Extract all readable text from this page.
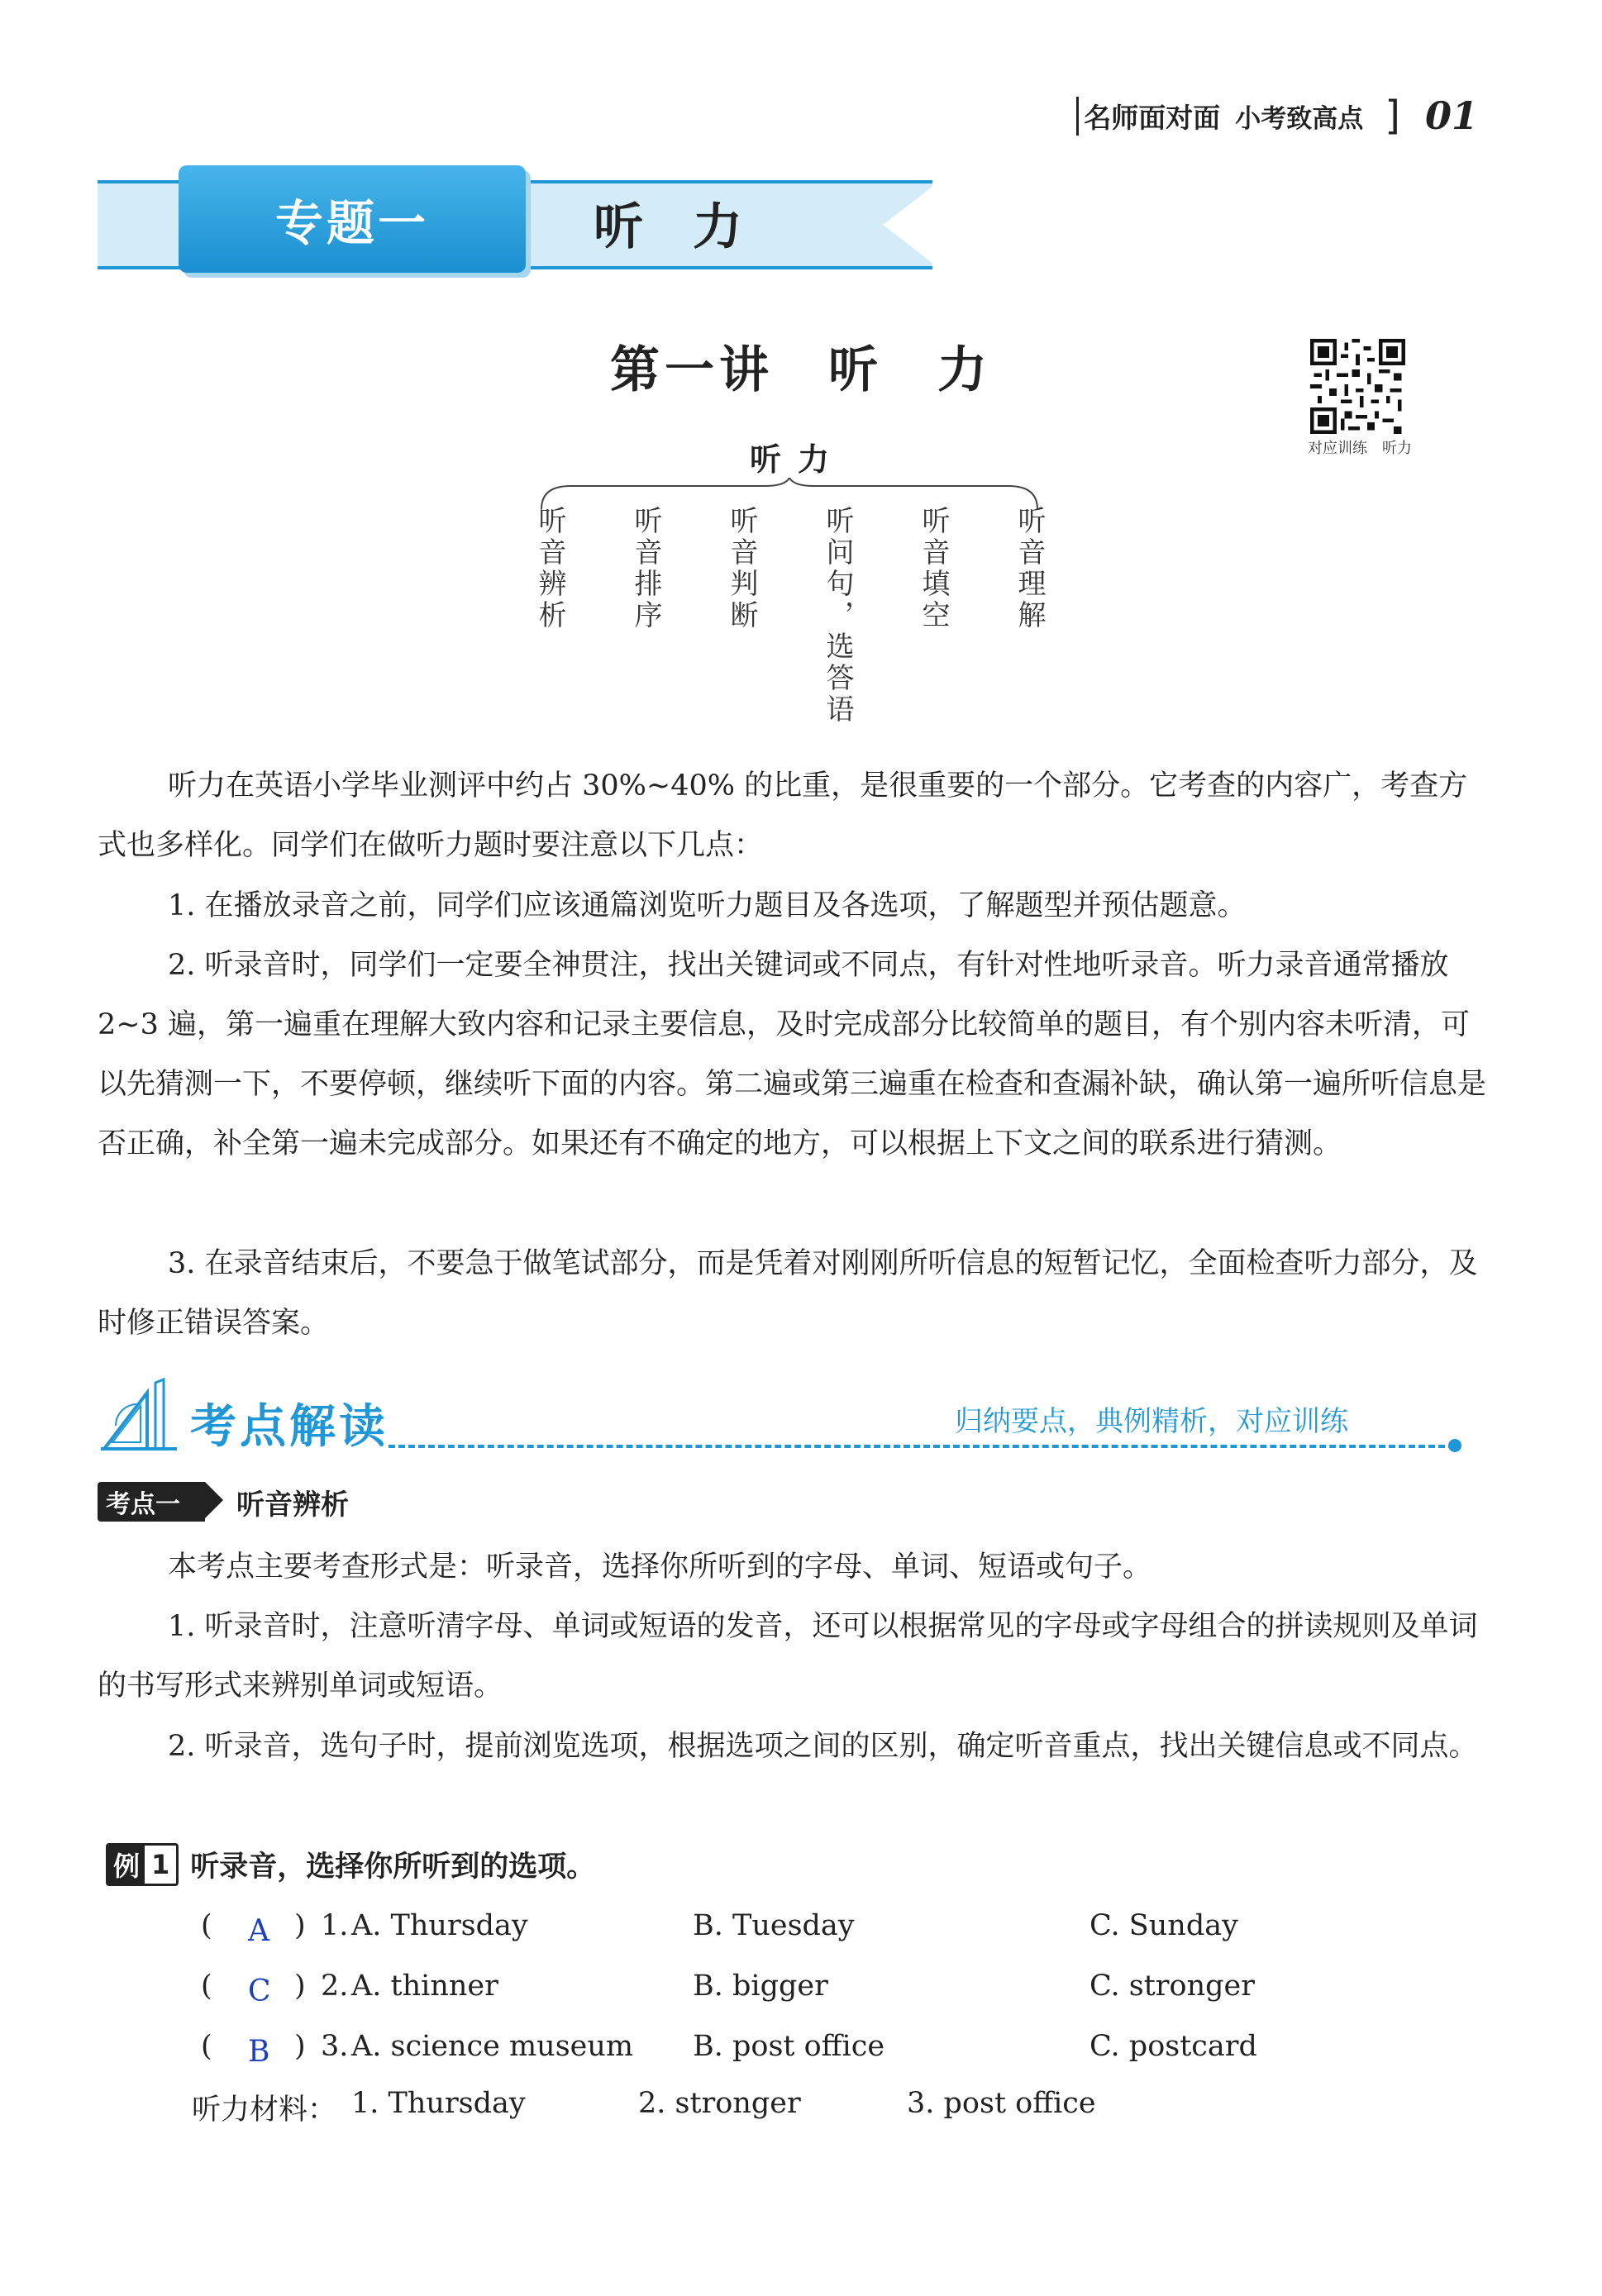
名师面对面 小考致高点 ] 01
专题一	听力
第一讲　听　力
对应训练　听力
听力
听音辨析 听音排序 听音判断 听问句，选答语 听音填空 听音理解
听力在英语小学毕业测评中约占 30%~40% 的比重，是很重要的一个部分。它考查的内容广，考查方式也多样化。同学们在做听力题时要注意以下几点：
1. 在播放录音之前，同学们应该通篇浏览听力题目及各选项，了解题型并预估题意。
2. 听录音时，同学们一定要全神贯注，找出关键词或不同点，有针对性地听录音。听力录音通常播放 2~3 遍，第一遍重在理解大致内容和记录主要信息，及时完成部分比较简单的题目，有个别内容未听清，可以先猜测一下，不要停顿，继续听下面的内容。第二遍或第三遍重在检查和查漏补缺，确认第一遍所听信息是否正确，补全第一遍未完成部分。如果还有不确定的地方，可以根据上下文之间的联系进行猜测。
3. 在录音结束后，不要急于做笔试部分，而是凭着对刚刚所听信息的短暂记忆，全面检查听力部分，及时修正错误答案。
考点解读	归纳要点，典例精析，对应训练
考点一	听音辨析
本考点主要考查形式是：听录音，选择你所听到的字母、单词、短语或句子。
1. 听录音时，注意听清字母、单词或短语的发音，还可以根据常见的字母或字母组合的拼读规则及单词的书写形式来辨别单词或短语。
2. 听录音，选句子时，提前浏览选项，根据选项之间的区别，确定听音重点，找出关键信息或不同点。
例 1 听录音，选择你所听到的选项。
( A ) 1. A. Thursday	B. Tuesday	C. Sunday
( C ) 2. A. thinner	B. bigger	C. stronger
( B ) 3. A. science museum B. post office	C. postcard
听力材料： 1. Thursday	2. stronger	3. post office
